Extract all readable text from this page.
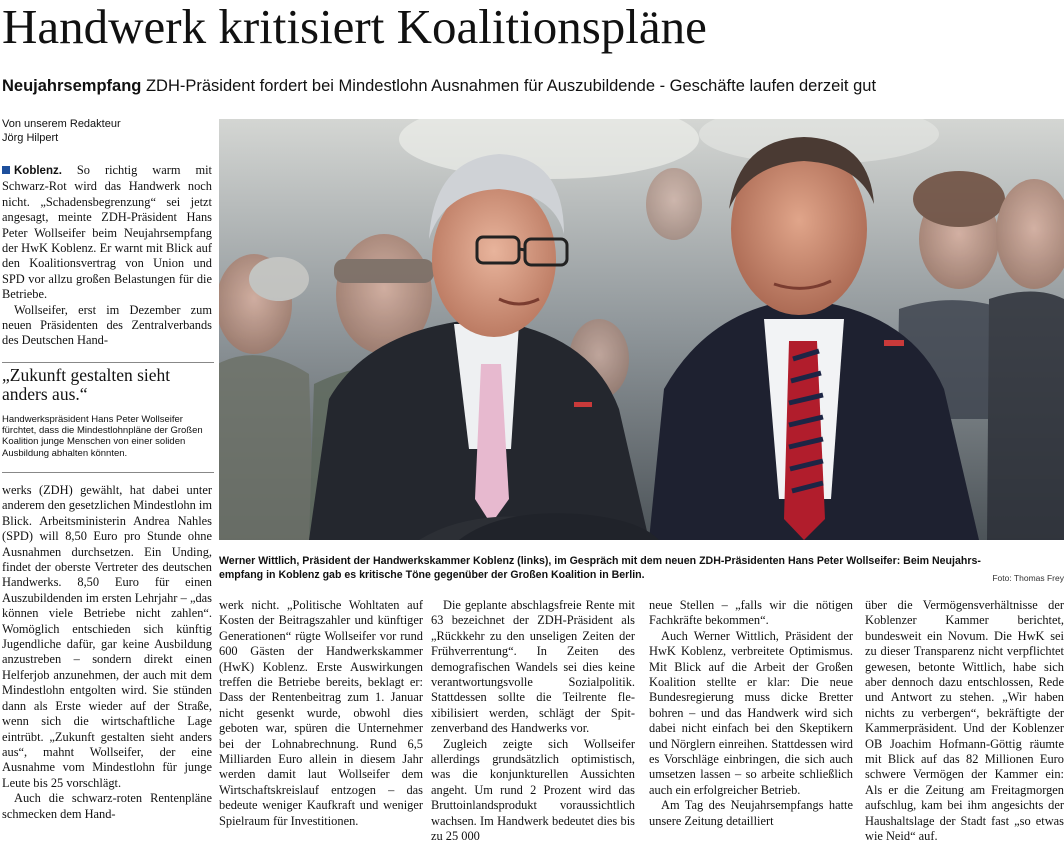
Handwerk kritisiert Koalitionspläne
Neujahrsempfang ZDH-Präsident fordert bei Mindestlohn Ausnahmen für Auszubildende - Geschäfte laufen derzeit gut
Von unserem Redakteur
Jörg Hilpert

Koblenz. So richtig warm mit Schwarz-Rot wird das Handwerk noch nicht. „Schadensbegrenzung“ sei jetzt angesagt, meinte ZDH-Präsident Hans Peter Wollseifer beim Neujahrsempfang der HwK Koblenz. Er warnt mit Blick auf den Koalitionsvertrag von Union und SPD vor allzu großen Belastungen für die Betriebe.

Wollseifer, erst im Dezember zum neuen Präsidenten des Zentralverbands des Deutschen Hand-

„Zukunft gestalten sieht anders aus.“
Handwerkspräsident Hans Peter Wollseifer fürchtet, dass die Mindestlohnpläne der Großen Koalition junge Menschen von einer soliden Ausbildung abhalten könnten.

werks (ZDH) gewählt, hat dabei unter anderem den gesetzlichen Mindestlohn im Blick. Arbeitsministerin Andrea Nahles (SPD) will 8,50 Euro pro Stunde ohne Ausnahmen durchsetzen. Ein Unding, findet der oberste Vertreter des deutschen Handwerks. 8,50 Euro für einen Auszubildenden im ersten Lehrjahr – „das können viele Betriebe nicht zahlen“. Womöglich entschieden sich künftig Jugendliche dafür, gar keine Ausbildung anzustreben – sondern direkt einen Helferjob anzunehmen, der auch mit dem Mindestlohn entgolten wird. Sie stünden dann als Erste wieder auf der Straße, wenn sich die wirtschaftliche Lage eintrübt. „Zukunft gestalten sieht anders aus“, mahnt Wollseifer, der eine Ausnahme vom Mindestlohn für junge Leute bis 25 vorschlägt.

Auch die schwarz-roten Rentenpläne schmecken dem Hand-

Werner Wittlich, Präsident der Handwerkskammer Koblenz (links), im Gespräch mit dem neuen ZDH-Präsidenten Hans Peter Wollseifer: Beim Neujahrs-
empfang in Koblenz gab es kritische Töne gegenüber der Großen Koalition in Berlin.	Foto: Thomas Frey

werk nicht. „Politische Wohltaten auf Kosten der Beitragszahler und künftiger Generationen“ rügte Wollseifer vor rund 600 Gästen der Handwerkskammer (HwK) Koblenz. Erste Auswirkungen treffen die Betriebe bereits, beklagt er: Dass der Rentenbeitrag zum 1. Januar nicht gesenkt wurde, obwohl dies geboten war, spüren die Unternehmer bei der Lohnabrechnung. Rund 6,5 Milliarden Euro allein in diesem Jahr werden damit laut Wollseifer dem Wirtschaftskreislauf entzogen – das bedeute weniger Kaufkraft und weniger Spielraum für Investitionen.

Die geplante abschlagsfreie Rente mit 63 bezeichnet der ZDH-Präsident als „Rückkehr zu den unseligen Zeiten der Frühverrentung“. In Zeiten des demografischen Wandels sei dies keine verantwortungsvolle Sozialpolitik. Stattdessen sollte die Teilrente flexibilisiert werden, schlägt der Spitzenverband des Handwerks vor.

Zugleich zeigte sich Wollseifer allerdings grundsätzlich optimistisch, was die konjunkturellen Aussichten angeht. Um rund 2 Prozent wird das Bruttoinlandsprodukt voraussichtlich wachsen. Im Handwerk bedeutet dies bis zu 25 000

neue Stellen – „falls wir die nötigen Fachkräfte bekommen“.

Auch Werner Wittlich, Präsident der HwK Koblenz, verbreitete Optimismus. Mit Blick auf die Arbeit der Großen Koalition stellte er klar: Die neue Bundesregierung muss dicke Bretter bohren – und das Handwerk wird sich dabei nicht einfach bei den Skeptikern und Nörglern einreihen. Stattdessen wird es Vorschläge einbringen, die sich auch umsetzen lassen – so arbeite schließlich auch ein erfolgreicher Betrieb.

Am Tag des Neujahrsempfangs hatte unsere Zeitung detailliert

über die Vermögensverhältnisse der Koblenzer Kammer berichtet, bundesweit ein Novum. Die HwK sei zu dieser Transparenz nicht verpflichtet gewesen, betonte Wittlich, habe sich aber dennoch dazu entschlossen, Rede und Antwort zu stehen. „Wir haben nichts zu verbergen“, bekräftigte der Kammerpräsident. Und der Koblenzer OB Joachim Hofmann-Göttig räumte mit Blick auf das 82 Millionen Euro schwere Vermögen der Kammer ein: Als er die Zeitung am Freitagmorgen aufschlug, kam bei ihm angesichts der Haushaltslage der Stadt fast „so etwas wie Neid“ auf.
